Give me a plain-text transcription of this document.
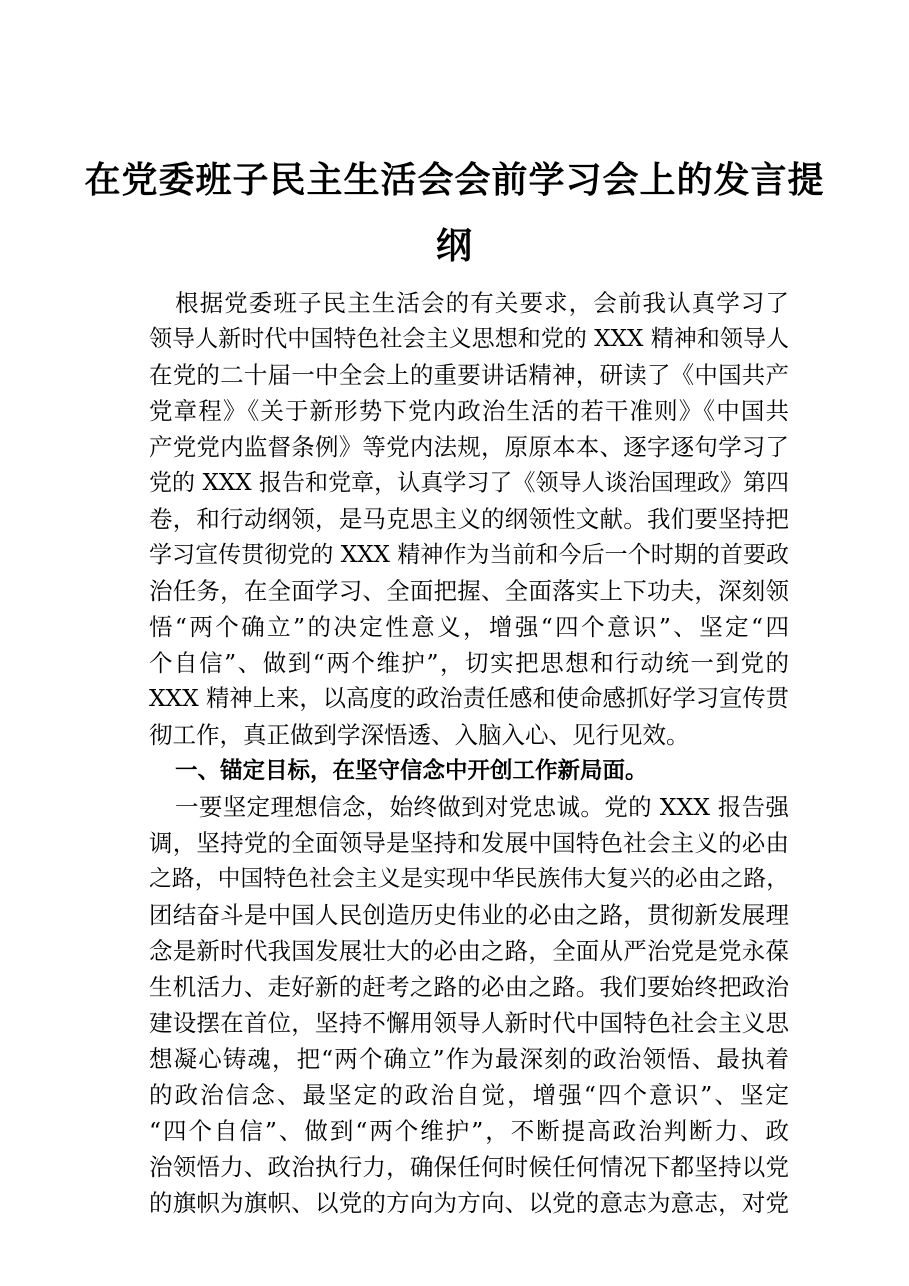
在党委班子民主生活会会前学习会上的发言提
纲
根据党委班子民主生活会的有关要求，会前我认真学习了
领导人新时代中国特色社会主义思想和党的 XXX 精神和领导人
在党的二十届一中全会上的重要讲话精神，研读了《中国共产
党章程》《关于新形势下党内政治生活的若干准则》《中国共
产党党内监督条例》等党内法规，原原本本、逐字逐句学习了
党的 XXX 报告和党章，认真学习了《领导人谈治国理政》第四
卷，和行动纲领，是马克思主义的纲领性文献。我们要坚持把
学习宣传贯彻党的 XXX 精神作为当前和今后一个时期的首要政
治任务，在全面学习、全面把握、全面落实上下功夫，深刻领
悟“两个确立”的决定性意义，增强“四个意识”、坚定“四
个自信”、做到“两个维护”，切实把思想和行动统一到党的
XXX 精神上来，以高度的政治责任感和使命感抓好学习宣传贯
彻工作，真正做到学深悟透、入脑入心、见行见效。
一、锚定目标，在坚守信念中开创工作新局面。
一要坚定理想信念，始终做到对党忠诚。党的 XXX 报告强
调，坚持党的全面领导是坚持和发展中国特色社会主义的必由
之路，中国特色社会主义是实现中华民族伟大复兴的必由之路，
团结奋斗是中国人民创造历史伟业的必由之路，贯彻新发展理
念是新时代我国发展壮大的必由之路，全面从严治党是党永葆
生机活力、走好新的赶考之路的必由之路。我们要始终把政治
建设摆在首位，坚持不懈用领导人新时代中国特色社会主义思
想凝心铸魂，把“两个确立”作为最深刻的政治领悟、最执着
的政治信念、最坚定的政治自觉，增强“四个意识”、坚定
“四个自信”、做到“两个维护”，不断提高政治判断力、政
治领悟力、政治执行力，确保任何时候任何情况下都坚持以党
的旗帜为旗帜、以党的方向为方向、以党的意志为意志，对党
